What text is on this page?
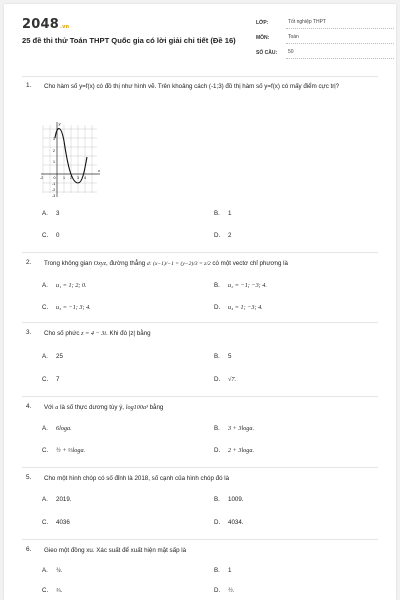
2048.vn
25 đề thi thử Toán THPT Quốc gia có lời giải chi tiết (Đề 16)
LỚP:	Tốt nghiệp THPT
MÔN:	Toán
SỐ CÂU:	50
1. Cho hàm số y=f(x) có đồ thị như hình vẽ. Trên khoảng cách (-1;3) đồ thị hàm số y=f(x) có mấy điểm cực trị?
-2	0 1 2 3 4
3
2
1
-1
-2
-3
x
y
A. 3	B. 1
C. 0	D. 2
2. Trong không gian Oxyz, đường thẳng d: (x−1)/−1 = (y−2)/3 = z/2 có một vectơ chỉ phương là
A. u₁ = 1; 2; 0.	B. u₂ = −1; −3; 4.
C. u₃ = −1; 3; 4.	D. u₄ = 1; −3; 4.
3. Cho số phức z = 4 − 3i. Khi đó |z| bằng
A. 25	B. 5
C. 7	D. √7.
4. Với a là số thực dương tùy ý, log100a³ bằng
A. 6loga.	B. 3 + 3loga.
C. ½ + ⅓loga.	D. 2 + 3loga.
5. Cho một hình chóp có số đỉnh là 2018, số cạnh của hình chóp đó là
A. 2019.	B. 1009.
C. 4036	D. 4034.
6. Gieo một đồng xu. Xác suất để xuất hiện mặt sấp là
A. ¼.	B. 1
C. ⅓.	D. ½.
